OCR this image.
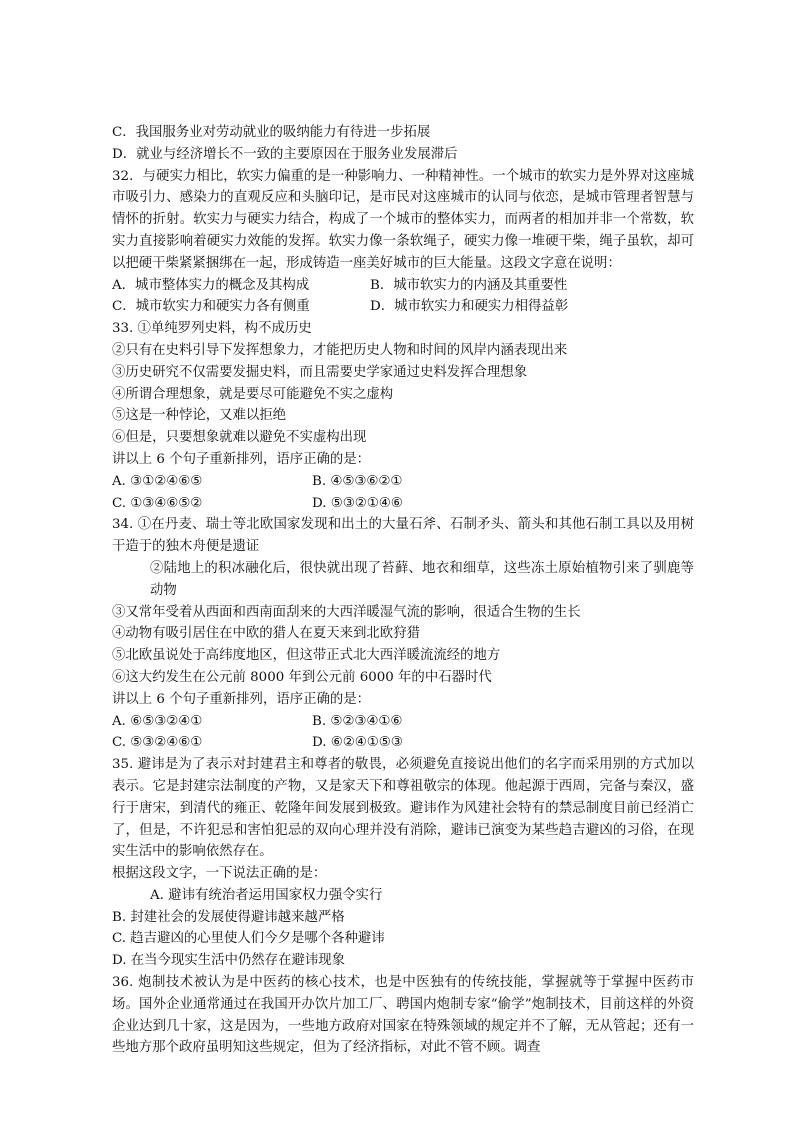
C．我国服务业对劳动就业的吸纳能力有待进一步拓展
D．就业与经济增长不一致的主要原因在于服务业发展滞后
32．与硬实力相比，软实力偏重的是一种影响力、一种精神性。一个城市的软实力是外界对这座城市吸引力、感染力的直观反应和头脑印记，是市民对这座城市的认同与依恋，是城市管理者智慧与情怀的折射。软实力与硬实力结合，构成了一个城市的整体实力，而两者的相加并非一个常数，软实力直接影响着硬实力效能的发挥。软实力像一条软绳子，硬实力像一堆硬干柴，绳子虽软，却可以把硬干柴紧紧捆绑在一起，形成铸造一座美好城市的巨大能量。这段文字意在说明：
A．城市整体实力的概念及其构成	B．城市软实力的内涵及其重要性
C．城市软实力和硬实力各有侧重	D．城市软实力和硬实力相得益彰
33. ①单纯罗列史料，构不成历史
②只有在史料引导下发挥想象力，才能把历史人物和时间的风岸内涵表现出来
③历史研究不仅需要发掘史料，而且需要史学家通过史料发挥合理想象
④所谓合理想象，就是要尽可能避免不实之虚构
⑤这是一种悖论，又难以拒绝
⑥但是，只要想象就难以避免不实虚构出现
讲以上 6 个句子重新排列，语序正确的是：
A. ③①②④⑥⑤	B. ④⑤③⑥②①
C. ①③④⑥⑤②	D. ⑤③②①④⑥
34. ①在丹麦、瑞士等北欧国家发现和出土的大量石斧、石制矛头、箭头和其他石制工具以及用树干造于的独木舟便是遗证
②陆地上的积冰融化后，很快就出现了苔藓、地衣和细草，这些冻土原始植物引来了驯鹿等动物
③又常年受着从西面和西南面刮来的大西洋暖湿气流的影响，很适合生物的生长
④动物有吸引居住在中欧的猎人在夏天来到北欧狩猎
⑤北欧虽说处于高纬度地区，但这带正式北大西洋暖流流经的地方
⑥这大约发生在公元前 8000 年到公元前 6000 年的中石器时代
讲以上 6 个句子重新排列，语序正确的是：
A. ⑥⑤③②④①	B. ⑤②③④①⑥
C. ⑤③②④⑥①	D. ⑥②④①⑤③
35. 避讳是为了表示对封建君主和尊者的敬畏，必须避免直接说出他们的名字而采用别的方式加以表示。它是封建宗法制度的产物，又是家天下和尊祖敬宗的体现。他起源于西周，完备与秦汉，盛行于唐宋，到清代的雍正、乾隆年间发展到极致。避讳作为风建社会特有的禁忌制度目前已经消亡了，但是，不许犯忌和害怕犯忌的双向心理并没有消除，避讳已演变为某些趋吉避凶的习俗，在现实生活中的影响依然存在。
根据这段文字，一下说法正确的是：
A. 避讳有统治者运用国家权力强令实行
B. 封建社会的发展使得避讳越来越严格
C. 趋吉避凶的心里使人们今夕是哪个各种避讳
D. 在当今现实生活中仍然存在避讳现象
36. 炮制技术被认为是中医药的核心技术，也是中医独有的传统技能，掌握就等于掌握中医药市场。国外企业通常通过在我国开办饮片加工厂、聘国内炮制专家“偷学”炮制技术，目前这样的外资企业达到几十家，这是因为，一些地方政府对国家在特殊领域的规定并不了解，无从管起；还有一些地方那个政府虽明知这些规定，但为了经济指标，对此不管不顾。调查
